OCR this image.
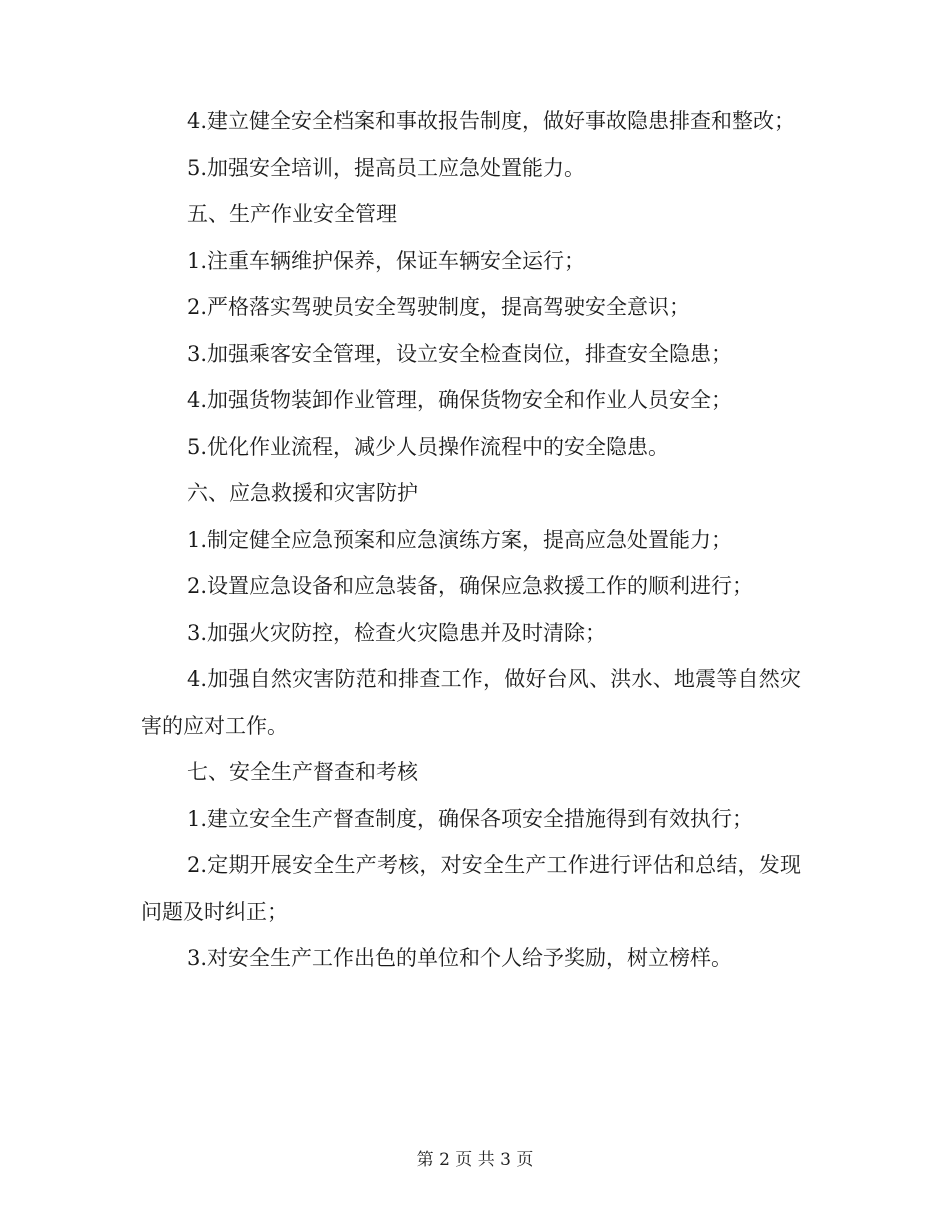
4.建立健全安全档案和事故报告制度，做好事故隐患排查和整改；

5.加强安全培训，提高员工应急处置能力。

五、生产作业安全管理

1.注重车辆维护保养，保证车辆安全运行；

2.严格落实驾驶员安全驾驶制度，提高驾驶安全意识；

3.加强乘客安全管理，设立安全检查岗位，排查安全隐患；

4.加强货物装卸作业管理，确保货物安全和作业人员安全；

5.优化作业流程，减少人员操作流程中的安全隐患。

六、应急救援和灾害防护

1.制定健全应急预案和应急演练方案，提高应急处置能力；

2.设置应急设备和应急装备，确保应急救援工作的顺利进行；

3.加强火灾防控，检查火灾隐患并及时清除；

4.加强自然灾害防范和排查工作，做好台风、洪水、地震等自然灾害的应对工作。

七、安全生产督查和考核

1.建立安全生产督查制度，确保各项安全措施得到有效执行；

2.定期开展安全生产考核，对安全生产工作进行评估和总结，发现问题及时纠正；

3.对安全生产工作出色的单位和个人给予奖励，树立榜样。

第 2 页 共 3 页
